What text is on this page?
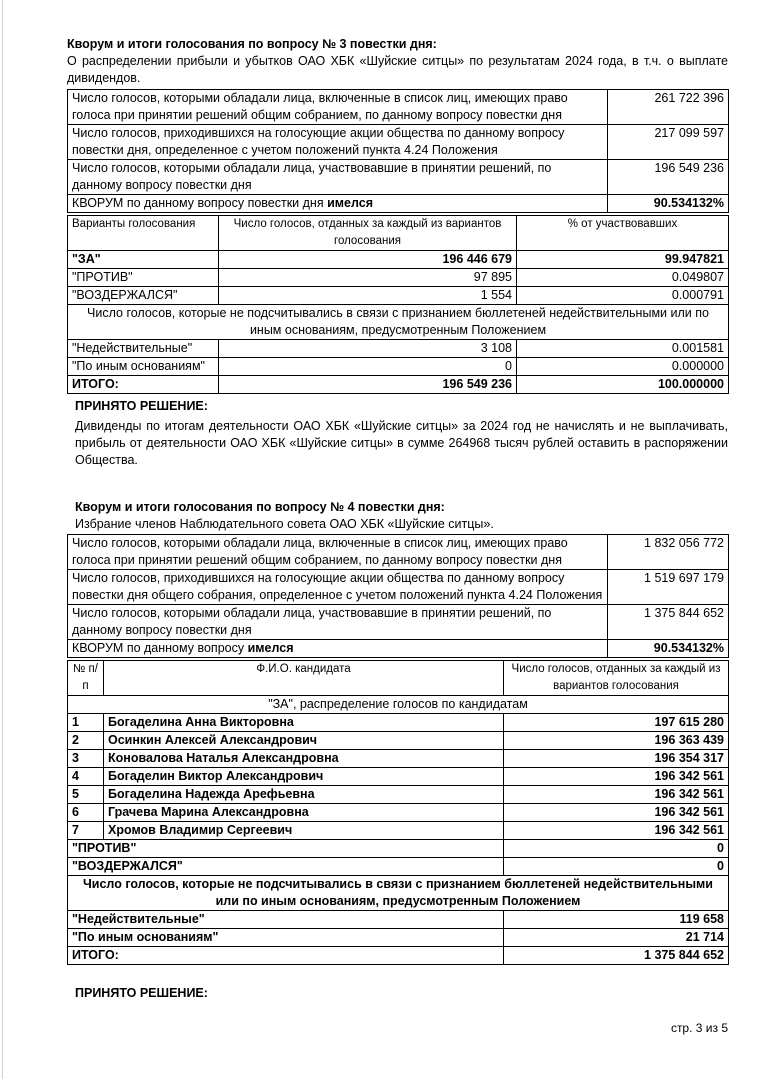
Кворум и итоги голосования по вопросу № 3 повестки дня:
О распределении прибыли и убытков ОАО ХБК «Шуйские ситцы» по результатам 2024 года, в т.ч. о выплате дивидендов.
Число голосов, которыми обладали лица, включенные в список лиц, имеющих право голоса при принятии решений общим собранием, по данному вопросу повестки дня	261 722 396
Число голосов, приходившихся на голосующие акции общества по данному вопросу повестки дня, определенное с учетом положений пункта 4.24 Положения	217 099 597
Число голосов, которыми обладали лица, участвовавшие в принятии решений, по данному вопросу повестки дня	196 549 236
КВОРУМ по данному вопросу повестки дня имелся	90.534132%
Варианты голосования	Число голосов, отданных за каждый из вариантов голосования	% от участвовавших
"ЗА"	196 446 679	99.947821
"ПРОТИВ"	97 895	0.049807
"ВОЗДЕРЖАЛСЯ"	1 554	0.000791
Число голосов, которые не подсчитывались в связи с признанием бюллетеней недействительными или по иным основаниям, предусмотренным Положением		
"Недействительные"	3 108	0.001581
"По иным основаниям"	0	0.000000
ИТОГО:	196 549 236	100.000000
ПРИНЯТО РЕШЕНИЕ:
Дивиденды по итогам деятельности ОАО ХБК «Шуйские ситцы» за 2024 год не начислять и не выплачивать, прибыль от деятельности ОАО ХБК «Шуйские ситцы» в сумме 264968 тысяч рублей оставить в распоряжении Общества.
Кворум и итоги голосования по вопросу № 4 повестки дня:
Избрание членов Наблюдательного совета ОАО ХБК «Шуйские ситцы».
Число голосов, которыми обладали лица, включенные в список лиц, имеющих право голоса при принятии решений общим собранием, по данному вопросу повестки дня	1 832 056 772
Число голосов, приходившихся на голосующие акции общества по данному вопросу повестки дня общего собрания, определенное с учетом положений пункта 4.24 Положения	1 519 697 179
Число голосов, которыми обладали лица, участвовавшие в принятии решений, по данному вопросу повестки дня	1 375 844 652
КВОРУМ по данному вопросу имелся	90.534132%
№ п/п	Ф.И.О. кандидата	Число голосов, отданных за каждый из вариантов голосования
"ЗА", распределение голосов по кандидатам		
1	Богаделина Анна Викторовна	197 615 280
2	Осинкин Алексей Александрович	196 363 439
3	Коновалова Наталья Александровна	196 354 317
4	Богаделин Виктор Александрович	196 342 561
5	Богаделина Надежда Арефьевна	196 342 561
6	Грачева Марина Александровна	196 342 561
7	Хромов Владимир Сергеевич	196 342 561
"ПРОТИВ"		0
"ВОЗДЕРЖАЛСЯ"		0
Число голосов, которые не подсчитывались в связи с признанием бюллетеней недействительными или по иным основаниям, предусмотренным Положением		
"Недействительные"		119 658
"По иным основаниям"		21 714
ИТОГО:		1 375 844 652
ПРИНЯТО РЕШЕНИЕ:
стр. 3 из 5
